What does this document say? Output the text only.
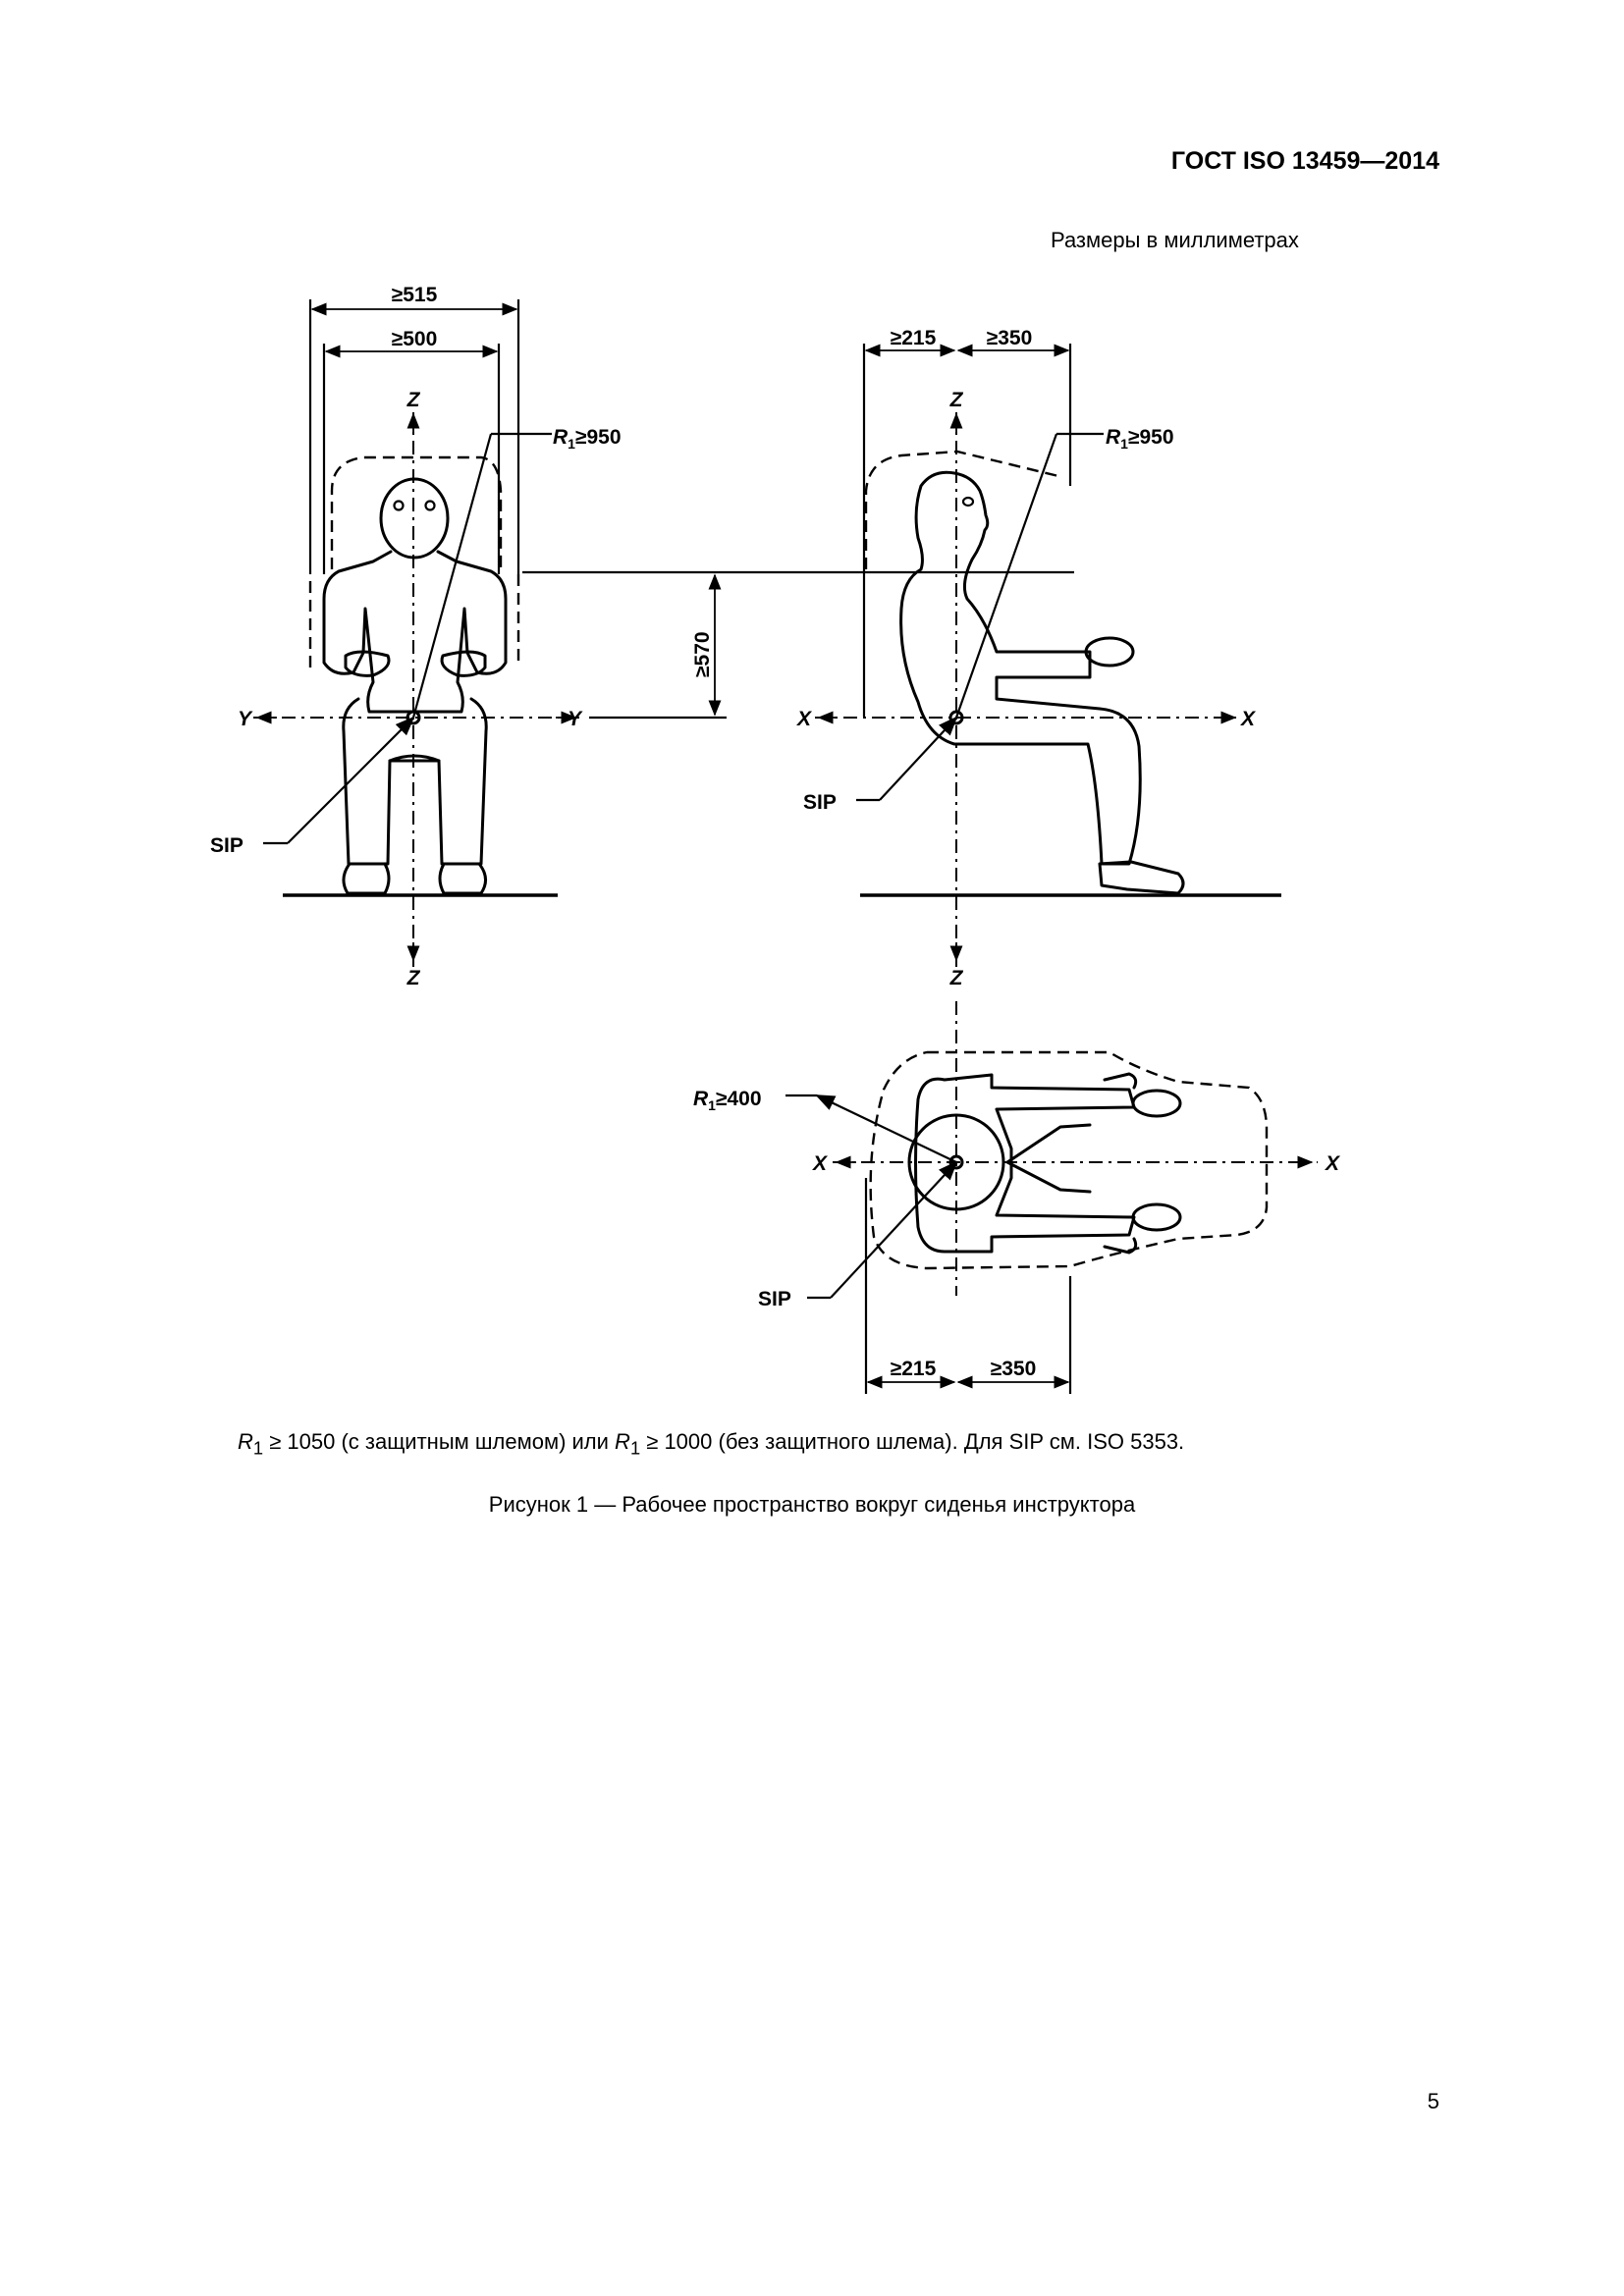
ГОСТ ISO 13459—2014
Размеры в миллиметрах
≥515
≥500
Z
Z
Y	Y
$R_1\ge 950$
SIP
≥570
≥215 ≥350
Z
Z
X	X
$R_1\ge 950$
SIP
X	X
$R_1\ge 400$
SIP
≥215	≥350
$R_1 \ge 1050$ (с защитным шлемом) или $R_1 \ge 1000$ (без защитного шлема). Для SIP см. ISO 5353.
Рисунок 1 — Рабочее пространство вокруг сиденья инструктора
5
